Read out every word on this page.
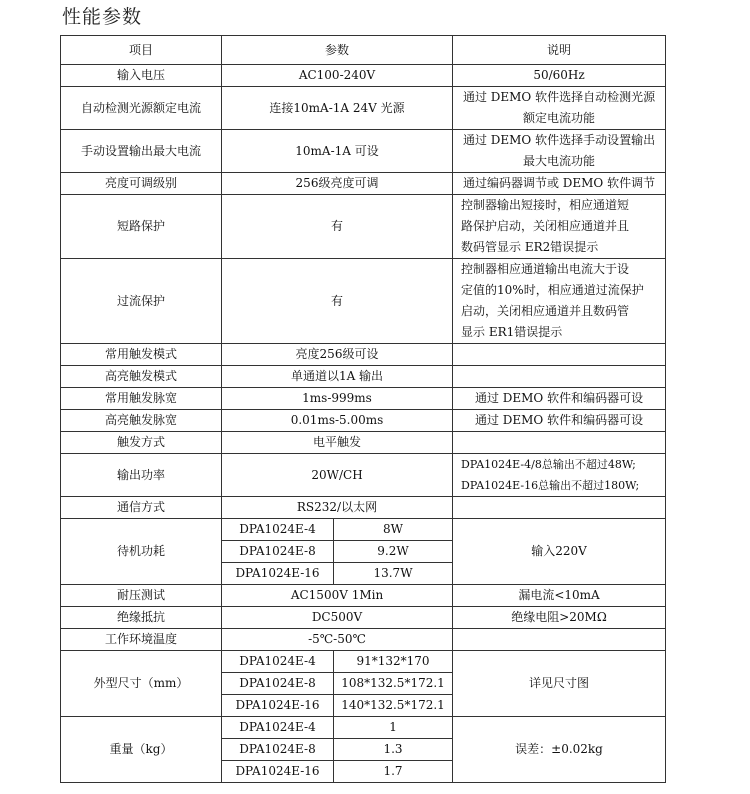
性能参数
项目	参数		说明
输入电压	AC100-240V		50/60Hz
自动检测光源额定电流	连接10mA-1A 24V 光源		通过 DEMO 软件选择自动检测光源
额定电流功能
手动设置输出最大电流	10mA-1A 可设		通过 DEMO 软件选择手动设置输出
最大电流功能
亮度可调级别	256级亮度可调		通过编码器调节或 DEMO 软件调节
短路保护	有		控制器输出短接时，相应通道短
路保护启动，关闭相应通道并且
数码管显示 ER2错误提示
过流保护	有		控制器相应通道输出电流大于设
定值的10%时，相应通道过流保护
启动，关闭相应通道并且数码管
显示 ER1错误提示
常用触发模式	亮度256级可设		
高亮触发模式	单通道以1A 输出		
常用触发脉宽	1ms-999ms		通过 DEMO 软件和编码器可设
高亮触发脉宽	0.01ms-5.00ms		通过 DEMO 软件和编码器可设
触发方式	电平触发		
输出功率	20W/CH		DPA1024E-4/8总输出不超过48W;
DPA1024E-16总输出不超过180W;
通信方式	RS232/以太网		
待机功耗	DPA1024E-4	8W	输入220V
	DPA1024E-8	9.2W	
	DPA1024E-16	13.7W	
耐压测试	AC1500V 1Min		漏电流<10mA
绝缘抵抗	DC500V		绝缘电阻>20MΩ
工作环境温度	-5℃-50℃		
外型尺寸（mm）	DPA1024E-4	91*132*170	详见尺寸图
	DPA1024E-8	108*132.5*172.1	
	DPA1024E-16	140*132.5*172.1	
重量（kg）	DPA1024E-4	1	误差：±0.02kg
	DPA1024E-8	1.3	
	DPA1024E-16	1.7	
